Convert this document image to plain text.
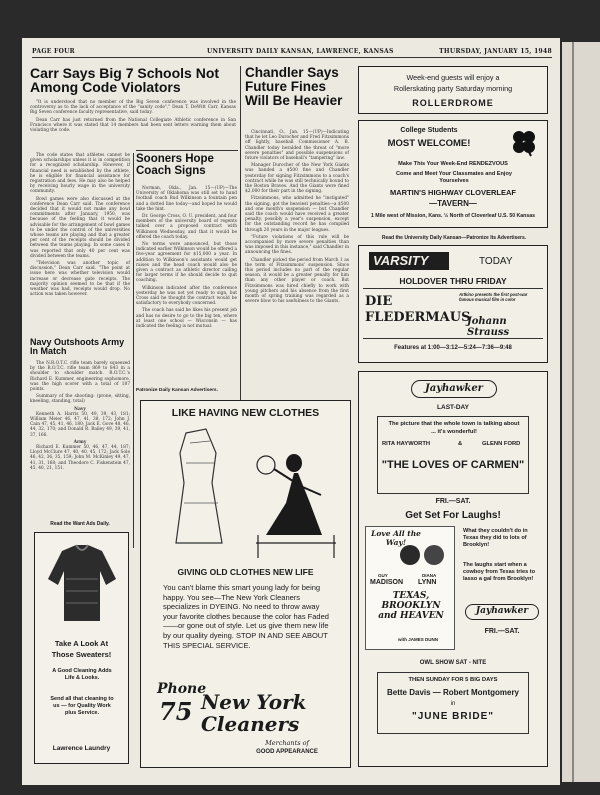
PAGE FOUR	UNIVERSITY DAILY KANSAN, LAWRENCE, KANSAS	THURSDAY, JANUARY 15, 1948
Carr Says Big 7 Schools Not Among Code Violators

"It is understood that no member of the Big Seven conference was involved in the controversy as to the lack of acceptance of the "sanity code"," Dean T. DeWitt Carr, Kansas Big Seven conference faculty representative, said today.

Dean Carr has just returned from the National Collegiate Athletic conference in San Francisco where it was stated that 14 members had been sent letters warning them about violating the code.

The code states that athletes cannot be given scholarships unless it is in competition for a recognized scholarship. However, if financial need is established by the athlete, he is eligible for financial assistance for registration and fees. He may also be helped by receiving hourly wage in the university community.

Bowl games were also discussed at the conference Dean Carr said. The conference decided that it would not make any bowl commitments after January, 1950, was because of the feeling that it would be advisable for the arrangement of bowl games to be under the control of the universities whose teams are playing and that a greater per cent of the receipts should be divided between the teams playing. In some cases it was reported that only 40 per cent was divided between the teams.

"Television was another topic of discussion," Dean Carr said. "The point at issue here was whether television would increase or decrease gate receipts. The majority opinion seemed to be that if the weather was bad, receipts would drop. No action was taken however.

Navy Outshoots Army In Match

The N.R.O.T.C. rifle team barely squeezed by the R.O.T.C. rifle team 869 to 843 in a shoulder to shoulder match. R.O.T.C.'s Richard E. Kummer, engineering sophomore, was the high scorer with a total of 187 points.

Summary of the shooting: (prone, sitting, kneeling, standing, total)

Navy

Kenneth A. Harris 50, 49, 39, 43, 181; William Meier 46, 47, 41, 38, 172; John J. Cain 47, 45, 41, 46, 180; Jack E. Gove 48, 46, 44, 32, 170; and Donald R. Bailey 49, 39, 41, 37, 166.

Army

Richard E. Kummer 50, 46, 47, 44, 187; Lloyd McClure 47, 40, 40, 45, 172; Jack Sole 46, 42, 36, 35, 159; John M. McKinley 49, 47, 41, 31, 168; and Theodore C. Fiskenstein 47, 45, 40, 21, 151.

Read the Want Ads Daily.
Take A Look At
Those Sweaters!
A Good Cleaning Adds Life & Looks.
Send all that cleaning to us — for Quality Work plus Service.
Lawrence Laundry
Sooners Hope Coach Signs

Norman, Okla., Jan. 15—(UP)—The University of Oklahoma was still set to hand football coach Bud Wilkinson a fountain pen and a dotted line today—and hoped he would take the hint.

Dr. George Cross, O. U. president, and four members of the university board of regents talked over a proposed contract with Wilkinson Wednesday, and that it would be offered the coach today.

No terms were announced, but those indicated earlier Wilkinson would be offered a five-year agreement for $15,000 a year. In addition to Wilkinson's assistants would get raises and the head coach would also be given a contract as athletic director calling for larger terms if he should decide to quit coaching.

Wilkinson indicated after the conference yesterday he was not yet ready to sign, but Cross said he thought the contract would be satisfactory to everybody concerned.

The coach has said he likes his present job and has no desire to go to the big ten, where at least one school — Wisconsin — has indicated the feeling is not mutual.

Patronize Daily Kansan Advertisers.
Chandler Says Future Fines Will Be Heavier

Cincinnati, O., Jan. 15—(UP)—Indicating that he let Leo Durocher and Fred Fitzsimmons off lightly, baseball Commissioner A. B. Chandler today heralded the threat of "more severe penalties" and possible suspensions of future violators of baseball's "tampering" law.

Manager Durocher of the New York Giants was handed a $500 fine and Chandler yesterday for signing Fitzsimmons to a coach's contract while he was still technically bound to the Boston Braves. And the Giants were fined $2,000 for their part in the signing.

Fitzsimmons, who admitted he "instigated" the signing, got the heaviest penalties—a $500 and one month's suspension — but Chandler said the coach would have received a greater penalty, possibly a year's suspension, except for the outstanding record he has compiled through 20 years in the major leagues.

"Future violations of this rule will be accompanied by more severe penalties than was imposed in this instance," said Chandler in announcing the fines.

Chandler picked the period from March 1 as the term of Fitzsimmons' suspension. Since this period includes no part of the regular season, it would be a greater penalty for him than any other player or coach. But Fitzsimmons was hired chiefly to work with young pitchers and his absence from the first month of spring training was regarded as a severe blow to his usefulness to the Giants.

LIKE HAVING NEW CLOTHES
GIVING OLD CLOTHES NEW LIFE
You can't blame this smart young lady for being happy. You see—The New York Cleaners specializes in DYEING. No need to throw away your favorite clothes because the color has Faded——or gone out of style. Let us give them new life by our quality dyeing. STOP IN AND SEE ABOUT THIS SPECIAL SERVICE.
Phone
75 New York Cleaners
Merchants of
GOOD APPEARANCE
Week-end guests will enjoy a
Rollerskating party Saturday morning
ROLLERDROME
College Students
MOST WELCOME!
Make This Your Week-End RENDEZVOUS
Come and Meet Your Classmates and Enjoy Yourselves
MARTIN'S HIGHWAY CLOVERLEAF
—TAVERN—
1 Mile west of Mission, Kans. ½ North of Cloverleaf U.S. 50 Kansas
Read the University Daily Kansan—Patronize Its Advertisers.
VARSITY	TODAY
HOLDOVER THRU FRIDAY
DIE FLEDERMAUS
Artkino presents the first post-war famous musical film in color
Johann Strauss
Features at 1:00—3:12—5:24—7:36—9:48
Jayhawker
LAST-DAY
The picture that the whole town is talking about
... it's wonderful!
RITA HAYWORTH	&	GLENN FORD
"THE LOVES OF CARMEN"
FRI.—SAT.
Get Set For Laughs!
Love All the Way!
GUY	DIANA
MADISON LYNN
TEXAS, BROOKLYN and HEAVEN
with JAMES DUNN
What they couldn't do in Texas they did to lots of Brooklyn!
The laughs start when a cowboy from Texas tries to lasso a gal from Brooklyn!
Jayhawker
FRI.—SAT.
OWL SHOW SAT - NITE
THEN SUNDAY FOR 5 BIG DAYS
Bette Davis — Robert Montgomery
in
"JUNE BRIDE"
